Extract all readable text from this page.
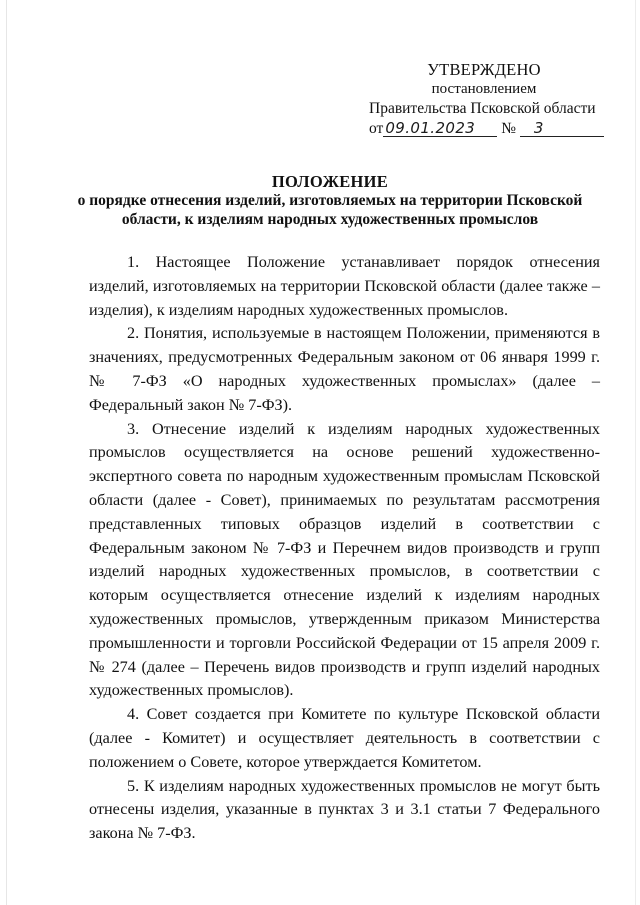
УТВЕРЖДЕНО
постановлением
Правительства Псковской области
от 09.01.2023 № 3
ПОЛОЖЕНИЕ
о порядке отнесения изделий, изготовляемых на территории Псковской области, к изделиям народных художественных промыслов

1. Настоящее Положение устанавливает порядок отнесения изделий, изготовляемых на территории Псковской области (далее также – изделия), к изделиям народных художественных промыслов.

2. Понятия, используемые в настоящем Положении, применяются в значениях, предусмотренных Федеральным законом от 06 января 1999 г. № 7-ФЗ «О народных художественных промыслах» (далее – Федеральный закон № 7-ФЗ).

3. Отнесение изделий к изделиям народных художественных промыслов осуществляется на основе решений художественно-экспертного совета по народным художественным промыслам Псковской области (далее - Совет), принимаемых по результатам рассмотрения представленных типовых образцов изделий в соответствии с Федеральным законом № 7-ФЗ и Перечнем видов производств и групп изделий народных художественных промыслов, в соответствии с которым осуществляется отнесение изделий к изделиям народных художественных промыслов, утвержденным приказом Министерства промышленности и торговли Российской Федерации от 15 апреля 2009 г. № 274 (далее – Перечень видов производств и групп изделий народных художественных промыслов).

4. Совет создается при Комитете по культуре Псковской области (далее - Комитет) и осуществляет деятельность в соответствии с положением о Совете, которое утверждается Комитетом.

5. К изделиям народных художественных промыслов не могут быть отнесены изделия, указанные в пунктах 3 и 3.1 статьи 7 Федерального закона № 7-ФЗ.
